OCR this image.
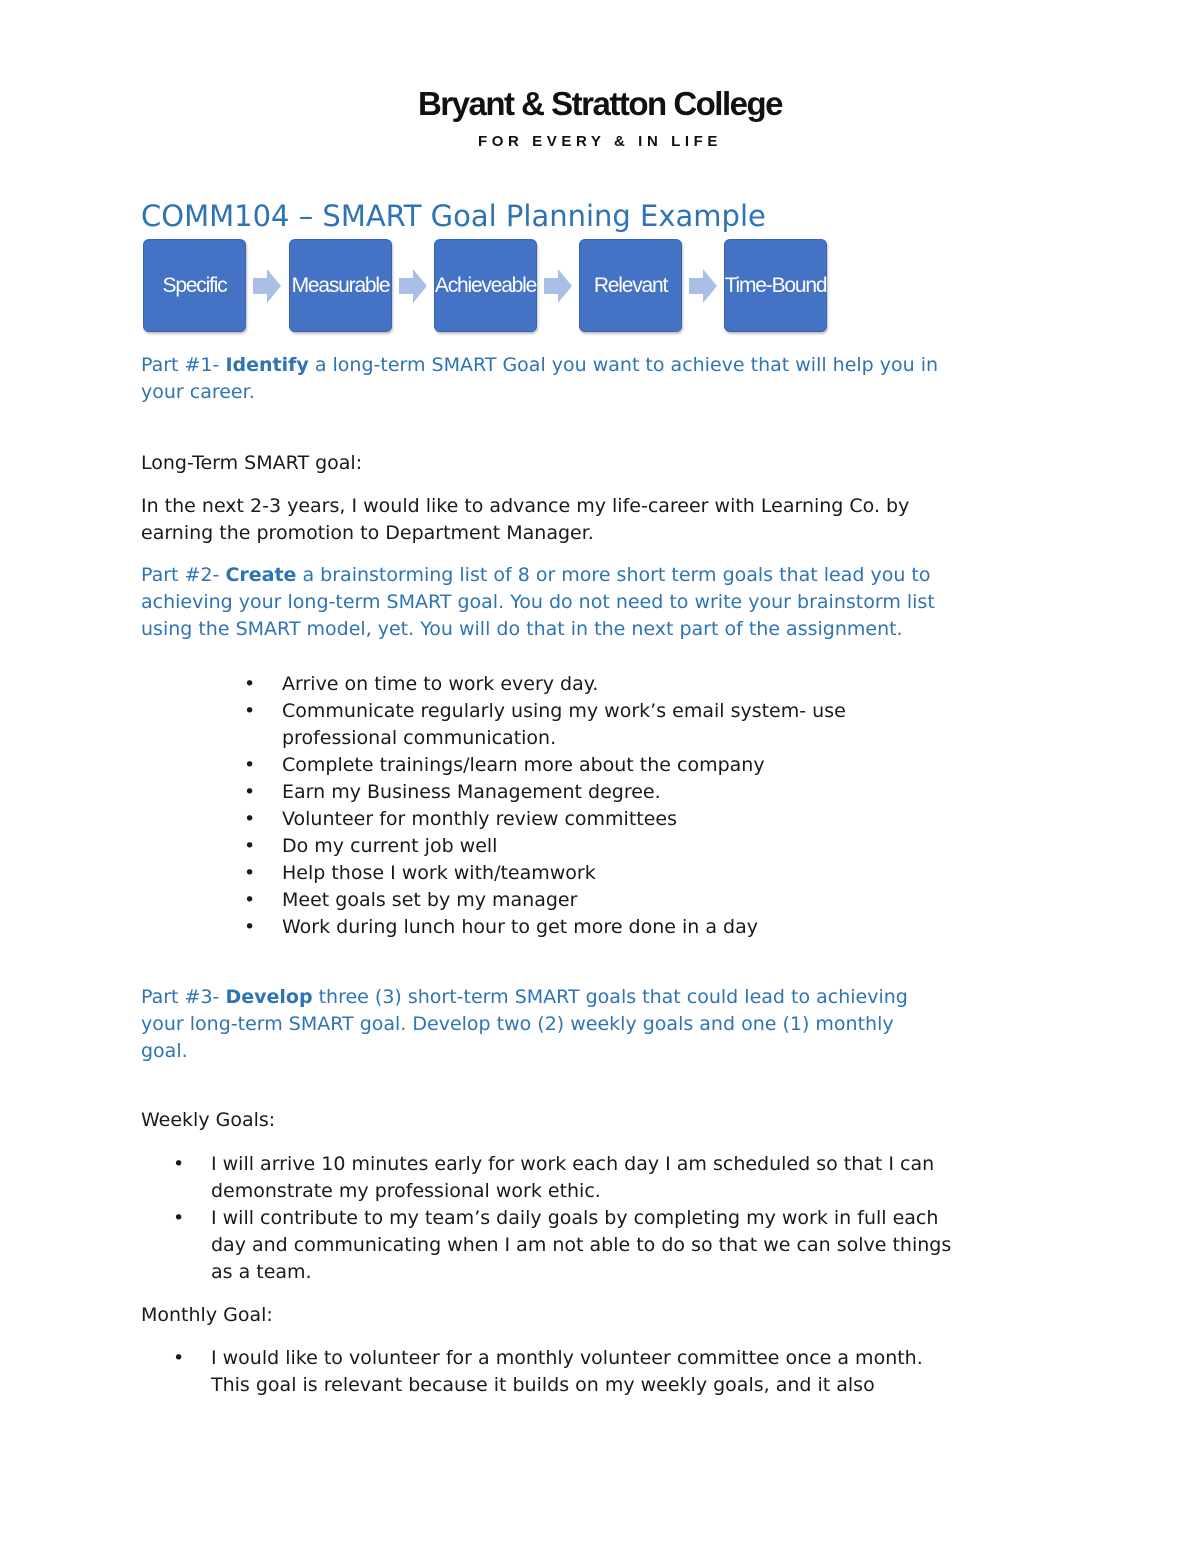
Bryant & Stratton College
FOR EVERY & IN LIFE
COMM104 – SMART Goal Planning Example
Specific	Measurable Achieveable	Relevant	Time-Bound
Part #1- Identify a long-term SMART Goal you want to achieve that will help you in
your career.
Long-Term SMART goal:
In the next 2-3 years, I would like to advance my life-career with Learning Co. by
earning the promotion to Department Manager.
Part #2- Create a brainstorming list of 8 or more short term goals that lead you to
achieving your long-term SMART goal. You do not need to write your brainstorm list
using the SMART model, yet. You will do that in the next part of the assignment.
• Arrive on time to work every day.
• Communicate regularly using my work’s email system- use
professional communication.
• Complete trainings/learn more about the company
• Earn my Business Management degree.
• Volunteer for monthly review committees
• Do my current job well
• Help those I work with/teamwork
• Meet goals set by my manager
• Work during lunch hour to get more done in a day
Part #3- Develop three (3) short-term SMART goals that could lead to achieving
your long-term SMART goal. Develop two (2) weekly goals and one (1) monthly
goal.
Weekly Goals:
• I will arrive 10 minutes early for work each day I am scheduled so that I can
demonstrate my professional work ethic.
• I will contribute to my team’s daily goals by completing my work in full each
day and communicating when I am not able to do so that we can solve things
as a team.
Monthly Goal:
• I would like to volunteer for a monthly volunteer committee once a month.
This goal is relevant because it builds on my weekly goals, and it also
